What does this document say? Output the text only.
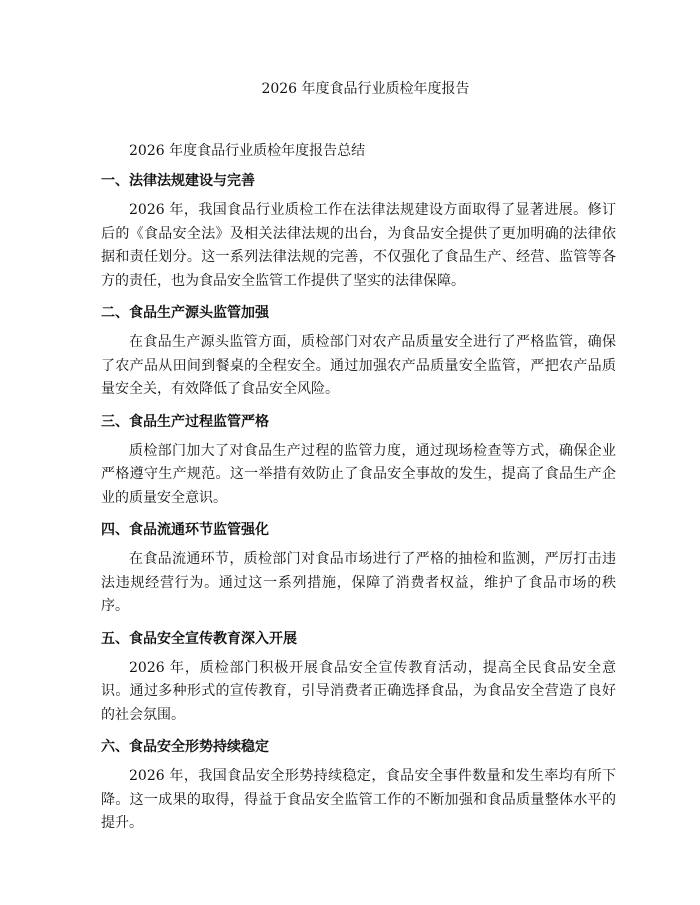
2026 年度食品行业质检年度报告

2026 年度食品行业质检年度报告总结

一、法律法规建设与完善

2026 年，我国食品行业质检工作在法律法规建设方面取得了显著进展。修订后的《食品安全法》及相关法律法规的出台，为食品安全提供了更加明确的法律依据和责任划分。这一系列法律法规的完善，不仅强化了食品生产、经营、监管等各方的责任，也为食品安全监管工作提供了坚实的法律保障。

二、食品生产源头监管加强

在食品生产源头监管方面，质检部门对农产品质量安全进行了严格监管，确保了农产品从田间到餐桌的全程安全。通过加强农产品质量安全监管，严把农产品质量安全关，有效降低了食品安全风险。

三、食品生产过程监管严格

质检部门加大了对食品生产过程的监管力度，通过现场检查等方式，确保企业严格遵守生产规范。这一举措有效防止了食品安全事故的发生，提高了食品生产企业的质量安全意识。

四、食品流通环节监管强化

在食品流通环节，质检部门对食品市场进行了严格的抽检和监测，严厉打击违法违规经营行为。通过这一系列措施，保障了消费者权益，维护了食品市场的秩序。

五、食品安全宣传教育深入开展

2026 年，质检部门积极开展食品安全宣传教育活动，提高全民食品安全意识。通过多种形式的宣传教育，引导消费者正确选择食品，为食品安全营造了良好的社会氛围。

六、食品安全形势持续稳定

2026 年，我国食品安全形势持续稳定，食品安全事件数量和发生率均有所下降。这一成果的取得，得益于食品安全监管工作的不断加强和食品质量整体水平的提升。
